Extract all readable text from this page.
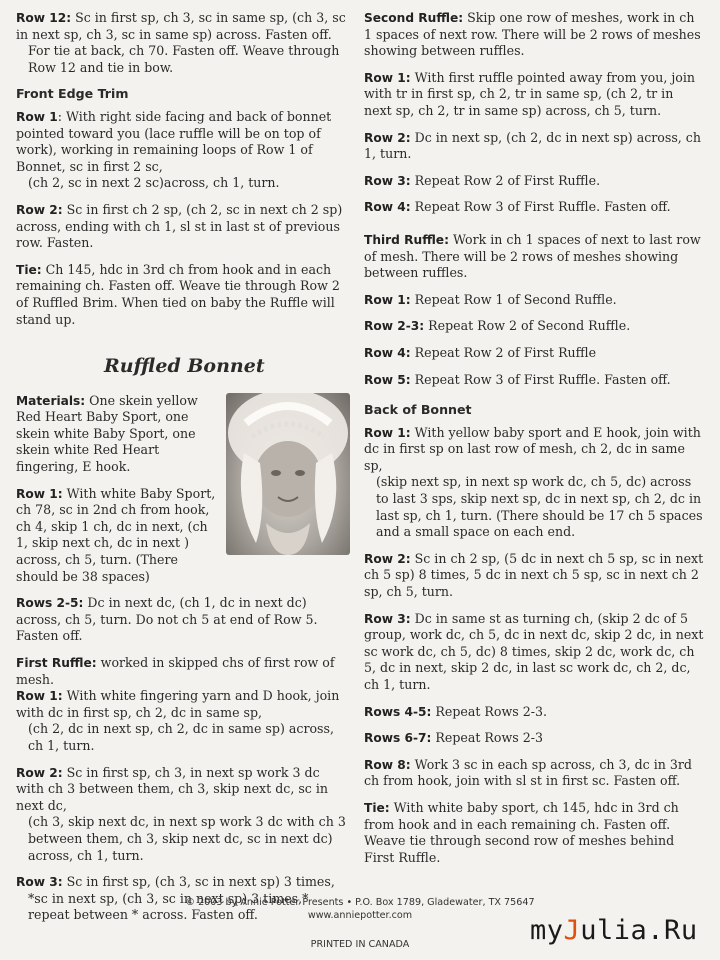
Row 12: Sc in first sp, ch 3, sc in same sp, (ch 3, sc in next sp, ch 3, sc in same sp) across. Fasten off.

For tie at back, ch 70. Fasten off. Weave through Row 12 and tie in bow.

Front Edge Trim

Row 1: With right side facing and back of bonnet pointed toward you (lace ruffle will be on top of work), working in remaining loops of Row 1 of Bonnet, sc in first 2 sc,
(ch 2, sc in next 2 sc)across, ch 1, turn.

Row 2: Sc in first ch 2 sp, (ch 2, sc in next ch 2 sp) across, ending with ch 1, sl st in last st of previous row. Fasten.

Tie: Ch 145, hdc in 3rd ch from hook and in each remaining ch. Fasten off. Weave tie through Row 2 of Ruffled Brim. When tied on baby the Ruffle will stand up.

Ruffled Bonnet

Materials: One skein yellow Red Heart Baby Sport, one skein white Baby Sport, one skein white Red Heart fingering, E hook.

Row 1: With white Baby Sport, ch 78, sc in 2nd ch from hook, ch 4, skip 1 ch, dc in next, (ch 1, skip next ch, dc in next ) across, ch 5, turn. (There should be 38 spaces)

Rows 2-5: Dc in next dc, (ch 1, dc in next dc) across, ch 5, turn. Do not ch 5 at end of Row 5. Fasten off.

First Ruffle: worked in skipped chs of first row of mesh.

Row 1: With white fingering yarn and D hook, join with dc in first sp, ch 2, dc in same sp,
(ch 2, dc in next sp, ch 2, dc in same sp) across, ch 1, turn.

Row 2: Sc in first sp, ch 3, in next sp work 3 dc with ch 3 between them, ch 3, skip next dc, sc in next dc,
(ch 3, skip next dc, in next sp work 3 dc with ch 3 between them, ch 3, skip next dc, sc in next dc) across, ch 1, turn.

Row 3: Sc in first sp, (ch 3, sc in next sp) 3 times,
*sc in next sp, (ch 3, sc in next sp) 3 times,* repeat between * across. Fasten off.

Second Ruffle: Skip one row of meshes, work in ch 1 spaces of next row. There will be 2 rows of meshes showing between ruffles.

Row 1: With first ruffle pointed away from you, join with tr in first sp, ch 2, tr in same sp, (ch 2, tr in next sp, ch 2, tr in same sp) across, ch 5, turn.

Row 2: Dc in next sp, (ch 2, dc in next sp) across, ch 1, turn.

Row 3: Repeat Row 2 of First Ruffle.

Row 4: Repeat Row 3 of First Ruffle. Fasten off.

Third Ruffle: Work in ch 1 spaces of next to last row of mesh. There will be 2 rows of meshes showing between ruffles.

Row 1: Repeat Row 1 of Second Ruffle.

Row 2-3: Repeat Row 2 of Second Ruffle.

Row 4: Repeat Row 2 of First Ruffle

Row 5: Repeat Row 3 of First Ruffle. Fasten off.

Back of Bonnet

Row 1: With yellow baby sport and E hook, join with dc in first sp on last row of mesh, ch 2, dc in same sp,
(skip next sp, in next sp work dc, ch 5, dc) across to last 3 sps, skip next sp, dc in next sp, ch 2, dc in last sp, ch 1, turn. (There should be 17 ch 5 spaces and a small space on each end.

Row 2: Sc in ch 2 sp, (5 dc in next ch 5 sp, sc in next ch 5 sp) 8 times, 5 dc in next ch 5 sp, sc in next ch 2 sp, ch 5, turn.

Row 3: Dc in same st as turning ch, (skip 2 dc of 5 group, work dc, ch 5, dc in next dc, skip 2 dc, in next sc work dc, ch 5, dc) 8 times, skip 2 dc, work dc, ch 5, dc in next, skip 2 dc, in last sc work dc, ch 2, dc, ch 1, turn.

Rows 4-5: Repeat Rows 2-3.

Rows 6-7: Repeat Rows 2-3

Row 8: Work 3 sc in each sp across, ch 3, dc in 3rd ch from hook, join with sl st in first sc. Fasten off.

Tie: With white baby sport, ch 145, hdc in 3rd ch from hook and in each remaining ch. Fasten off. Weave tie through second row of meshes behind First Ruffle.

© 2003 by Annie Potter Presents • P.O. Box 1789, Gladewater, TX 75647
www.anniepotter.com
PRINTED IN CANADA	myJulia.Ru
